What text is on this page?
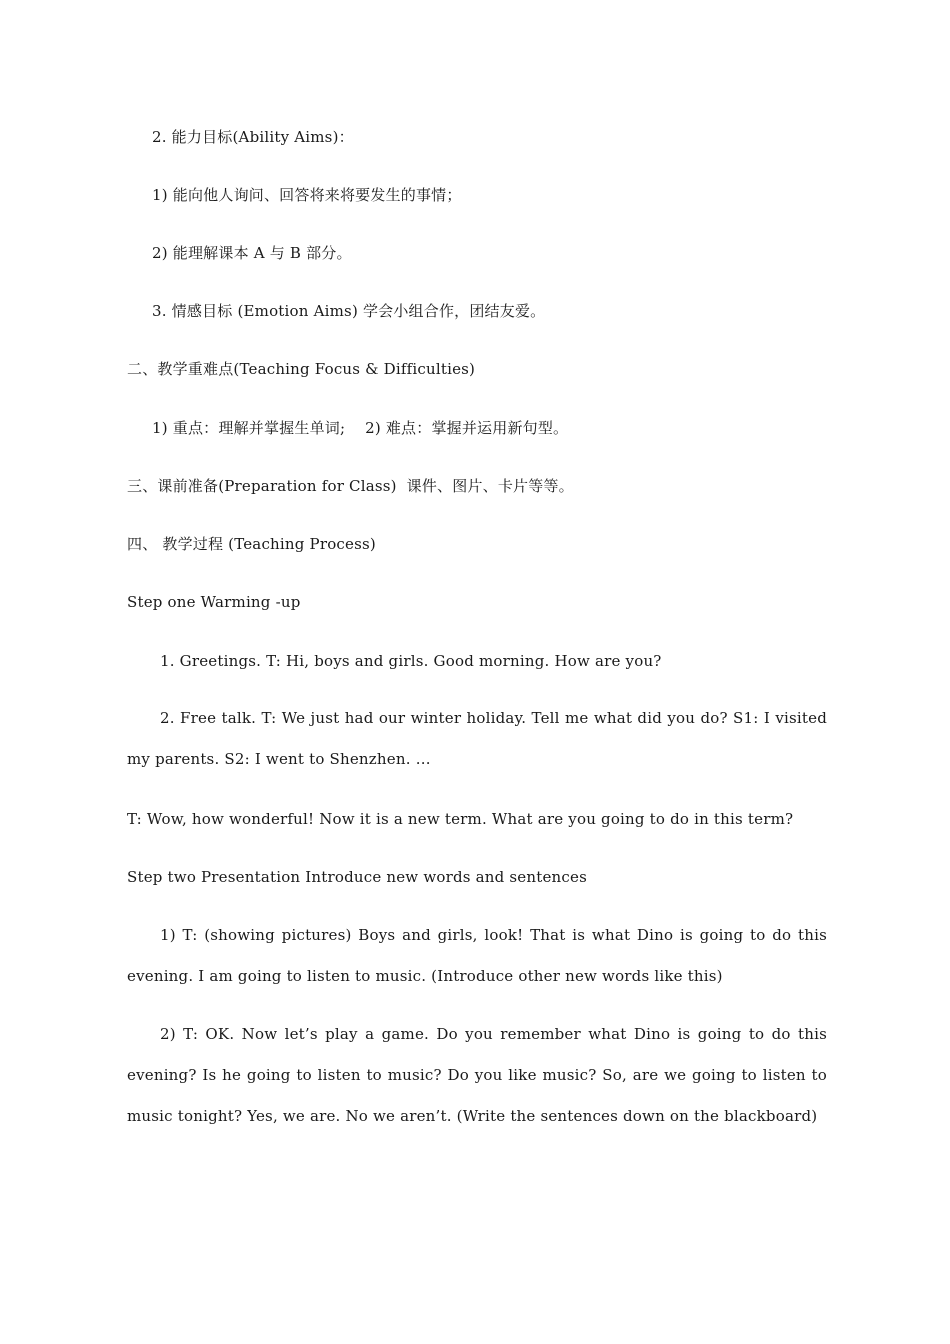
2. 能力目标(Ability Aims)：
1) 能向他人询问、回答将来将要发生的事情；
2) 能理解课本 A 与 B 部分。
3. 情感目标 (Emotion Aims) 学会小组合作，团结友爱。
二、教学重难点(Teaching Focus & Difficulties)
1) 重点：理解并掌握生单词;    2) 难点：掌握并运用新句型。
三、课前准备(Preparation for Class)  课件、图片、卡片等等。
四、 教学过程 (Teaching Process)
Step one Warming -up
1. Greetings. T: Hi, boys and girls. Good morning. How are you?
2. Free talk. T: We just had our winter holiday. Tell me what did you do? S1: I visited my parents. S2: I went to Shenzhen. …
T: Wow, how wonderful! Now it is a new term. What are you going to do in this term?
Step two Presentation Introduce new words and sentences
1) T: (showing pictures) Boys and girls, look! That is what Dino is going to do this evening. I am going to listen to music. (Introduce other new words like this)
2) T: OK. Now let’s play a game. Do you remember what Dino is going to do this evening? Is he going to listen to music? Do you like music? So, are we going to listen to music tonight? Yes, we are. No we aren’t. (Write the sentences down on the blackboard)
